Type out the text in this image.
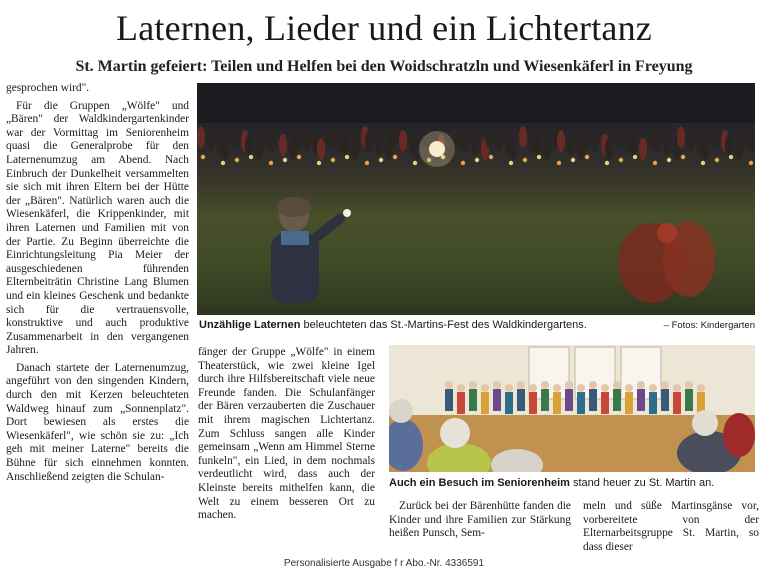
Laternen, Lieder und ein Lichtertanz
St. Martin gefeiert: Teilen und Helfen bei den Woidschratzln und Wiesenkäferl in Freyung

gesprochen wird".

Für die Gruppen „Wölfe" und „Bären" der Waldkindergartenkinder war der Vormittag im Seniorenheim quasi die Generalprobe für den Laternenumzug am Abend. Nach Einbruch der Dunkelheit versammelten sie sich mit ihren Eltern bei der Hütte der „Bären". Natürlich waren auch die Wiesenkäferl, die Krippenkinder, mit ihren Laternen und Familien mit von der Partie. Zu Beginn überreichte die Einrichtungsleitung Pia Meier der ausgeschiedenen führenden Elternbeiträtin Christine Lang Blumen und ein kleines Geschenk und bedankte sich für die vertrauensvolle, konstruktive und auch produktive Zusammenarbeit in den vergangenen Jahren.

Danach startete der Laternenumzug, angeführt von den singenden Kindern, durch den mit Kerzen beleuchteten Waldweg hinauf zum „Sonnenplatz". Dort bewiesen als erstes die Wiesenkäferl", wie schön sie zu: „Ich geh mit meiner Laterne" bereits die Bühne für sich einnehmen konnten. Anschließend zeigten die Schulan-

Unzählige Laternen beleuchteten das St.-Martins-Fest des Waldkindergartens.	– Fotos: Kindergarten

fänger der Gruppe „Wölfe" in einem Theaterstück, wie zwei kleine Igel durch ihre Hilfsbereitschaft viele neue Freunde fanden. Die Schulanfänger der Bären verzauberten die Zuschauer mit ihrem magischen Lichtertanz. Zum Schluss sangen alle Kinder gemeinsam „Wenn am Himmel Sterne funkeln", ein Lied, in dem nochmals verdeutlicht wird, dass auch der Kleinste bereits mithelfen kann, die Welt zu einem besseren Ort zu machen.

Auch ein Besuch im Seniorenheim stand heuer zu St. Martin an.

Zurück bei der Bärenhütte fanden die Kinder und ihre Familien zur Stärkung heißen Punsch, Sem-

meln und süße Martinsgänse vor, vorbereitete von der Elternarbeitsgruppe St. Martin, so dass dieser

Personalisierte Ausgabe f r Abo.-Nr. 4336591
